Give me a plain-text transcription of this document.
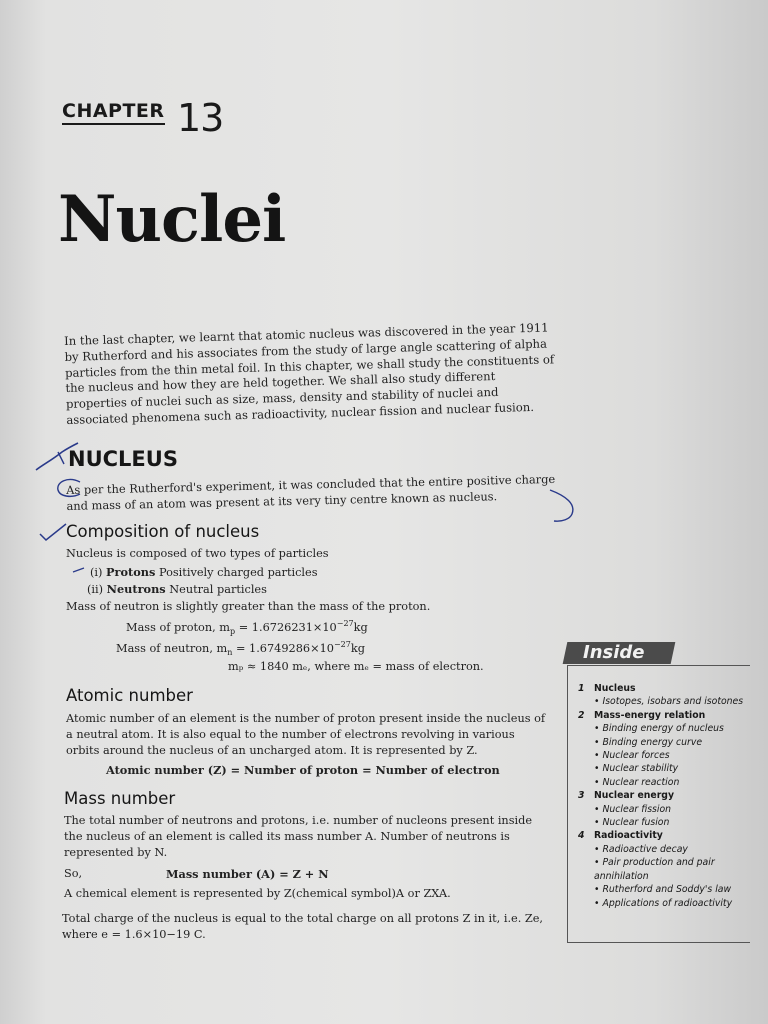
CHAPTER 13
Nuclei
In the last chapter, we learnt that atomic nucleus was discovered in the year 1911 by Rutherford and his associates from the study of large angle scattering of alpha particles from the thin metal foil. In this chapter, we shall study the constituents of the nucleus and how they are held together. We shall also study different properties of nuclei such as size, mass, density and stability of nuclei and associated phenomena such as radioactivity, nuclear fission and nuclear fusion.
NUCLEUS
As per the Rutherford's experiment, it was concluded that the entire positive charge and mass of an atom was present at its very tiny centre known as nucleus.
Composition of nucleus
Nucleus is composed of two types of particles
(i) Protons Positively charged particles
(ii) Neutrons Neutral particles
Mass of neutron is slightly greater than the mass of the proton.
Mass of proton, $m_p = 1.6726231\times 10^{-27}kg$
Mass of neutron, $m_n = 1.6749286\times 10^{-27}kg$
mₚ ≈ 1840 mₑ, where mₑ = mass of electron.
Atomic number
Atomic number of an element is the number of proton present inside the nucleus of a neutral atom. It is also equal to the number of electrons revolving in various orbits around the nucleus of an uncharged atom. It is represented by Z.
Atomic number (Z) = Number of proton = Number of electron
Mass number
The total number of neutrons and protons, i.e. number of nucleons present inside the nucleus of an element is called its mass number A. Number of neutrons is represented by N.
So,	Mass number (A) = Z + N
A chemical element is represented by Z(chemical symbol)A or ZXA.
Total charge of the nucleus is equal to the total charge on all protons Z in it, i.e. Ze, where e = 1.6×10−19 C.
Inside
1 Nucleus
• Isotopes, isobars and isotones
2 Mass-energy relation
• Binding energy of nucleus
• Binding energy curve
• Nuclear forces
• Nuclear stability
• Nuclear reaction
3 Nuclear energy
• Nuclear fission
• Nuclear fusion
4 Radioactivity
• Radioactive decay
• Pair production and pair annihilation
• Rutherford and Soddy's law
• Applications of radioactivity
